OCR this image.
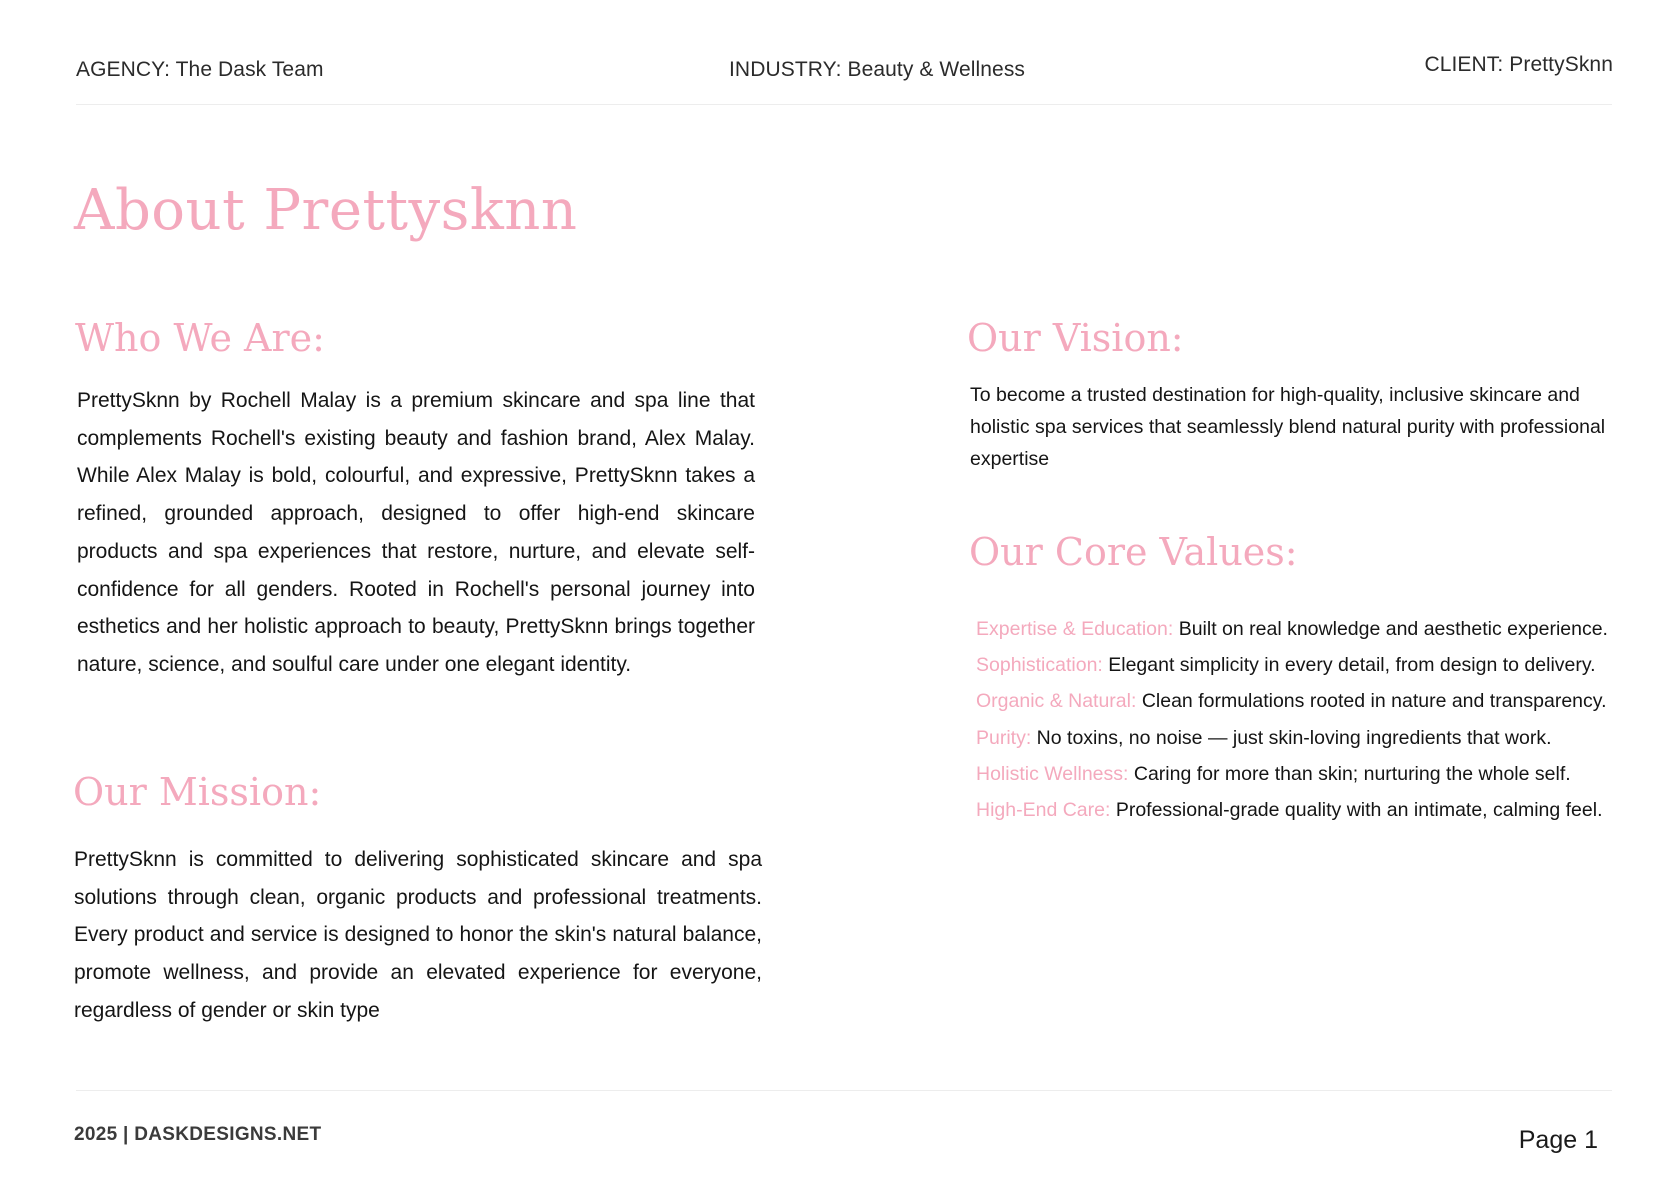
AGENCY: The Dask Team	INDUSTRY: Beauty & Wellness	CLIENT: PrettySknn
About Prettysknn
Who We Are:

PrettySknn by Rochell Malay is a premium skincare and spa line that complements Rochell's existing beauty and fashion brand, Alex Malay. While Alex Malay is bold, colourful, and expressive, PrettySknn takes a refined, grounded approach, designed to offer high-end skincare products and spa experiences that restore, nurture, and elevate self-confidence for all genders. Rooted in Rochell's personal journey into esthetics and her holistic approach to beauty, PrettySknn brings together nature, science, and soulful care under one elegant identity.

Our Mission:

PrettySknn is committed to delivering sophisticated skincare and spa solutions through clean, organic products and professional treatments. Every product and service is designed to honor the skin's natural balance, promote wellness, and provide an elevated experience for everyone, regardless of gender or skin type

Our Vision:

To become a trusted destination for high-quality, inclusive skincare and holistic spa services that seamlessly blend natural purity with professional expertise

Our Core Values:
Expertise & Education: Built on real knowledge and aesthetic experience.
Sophistication: Elegant simplicity in every detail, from design to delivery.
Organic & Natural: Clean formulations rooted in nature and transparency.
Purity: No toxins, no noise — just skin-loving ingredients that work.
Holistic Wellness: Caring for more than skin; nurturing the whole self.
High-End Care: Professional-grade quality with an intimate, calming feel.
2025 | DASKDESIGNS.NET	Page 1
